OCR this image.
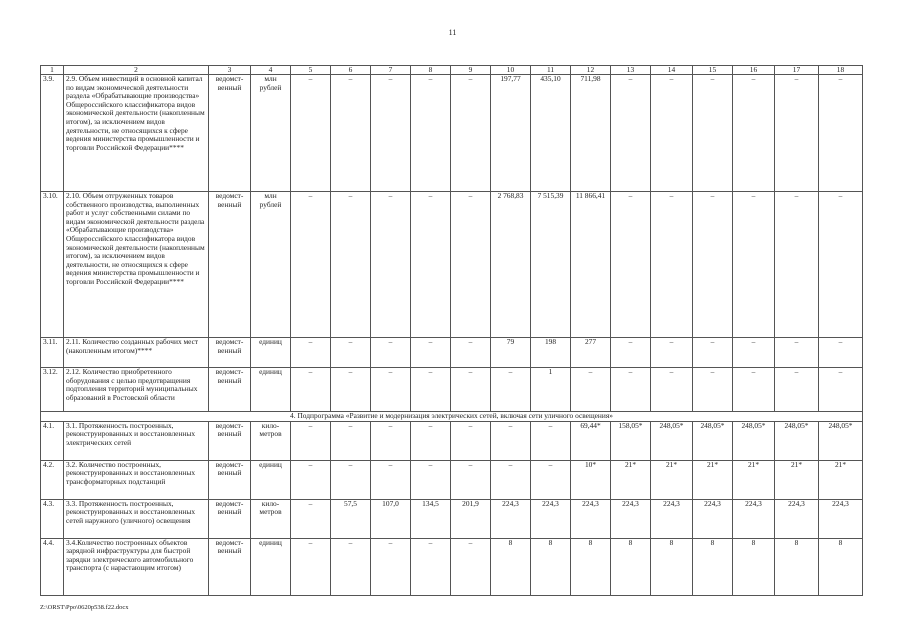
11
1	2	3	4	5	6	7	8	9	10	11	12	13	14	15	16	17	18
3.9.	2.9. Объем инвестиций в основной капитал по видам экономической деятельности раздела «Обрабатывающие производства» Общероссийского классификатора видов экономической деятельности (накопленным итогом), за исключением видов деятельности, не относящихся к сфере ведения министерства промышленности и торговли Российской Федерации****	ведомст-венный	млн рублей	–	–	–	–	–	197,77	435,10	711,98	–	–	–	–	–	–
3.10.	2.10. Объем отгруженных товаров собственного производства, выполненных работ и услуг собственными силами по видам экономической деятельности раздела «Обрабатывающие производства» Общероссийского классификатора видов экономической деятельности (накопленным итогом), за исключением видов деятельности, не относящихся к сфере ведения министерства промышленности и торговли Российской Федерации****	ведомст-венный	млн рублей	–	–	–	–	–	2 768,83	7 515,39	11 866,41	–	–	–	–	–	–
3.11.	2.11. Количество созданных рабочих мест (накопленным итогом)****	ведомст-венный	единиц	–	–	–	–	–	79	198	277	–	–	–	–	–	–
3.12.	2.12. Количество приобретенного оборудования с целью предотвращения подтопления территорий муниципальных образований в Ростовской области	ведомст-венный	единиц	–	–	–	–	–	–	1	–	–	–	–	–	–	–
4. Подпрограмма «Развитие и модернизация электрических сетей, включая сети уличного освещения»																	
4.1.	3.1. Протяженность построенных, реконструированных и восстановленных электрических сетей	ведомст-венный	кило-метров	–	–	–	–	–	–	–	69,44*	158,05*	248,05*	248,05*	248,05*	248,05*	248,05*
4.2.	3.2. Количество построенных, реконструированных и восстановленных трансформаторных подстанций	ведомст-венный	единиц	–	–	–	–	–	–	–	10*	21*	21*	21*	21*	21*	21*
4.3.	3.3. Протяженность построенных, реконструированных и восстановленных сетей наружного (уличного) освещения	ведомст-венный	кило-метров	–	57,5	107,0	134,5	201,9	224,3	224,3	224,3	224,3	224,3	224,3	224,3	224,3	224,3
4.4.	3.4.Количество построенных объектов зарядной инфраструктуры для быстрой зарядки электрического автомобильного транспорта (с нарастающим итогом)	ведомст-венный	единиц	–	–	–	–	–	8	8	8	8	8	8	8	8	8
Z:\ORST\Ppo\0620p538.f22.docx
